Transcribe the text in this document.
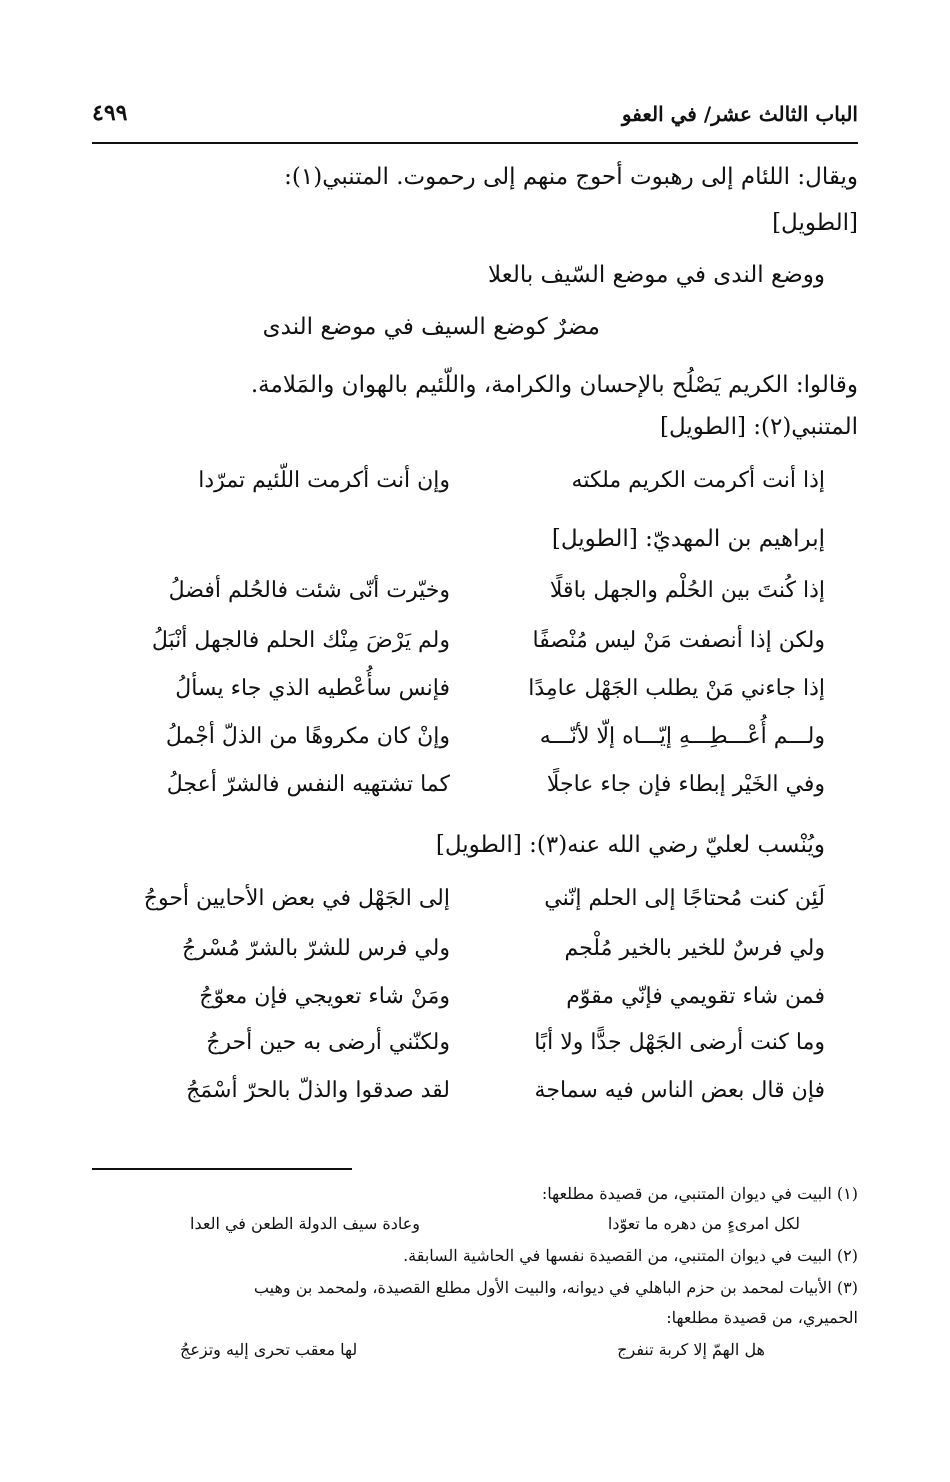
الباب الثالث عشر/ في العفو
٤٩٩
ويقال: اللئام إلى رهبوت أحوج منهم إلى رحموت. المتنبي(١):
[الطويل]
ووضع الندى في موضع السّيف بالعلا
مضرٌ كوضع السيف في موضع الندى
وقالوا: الكريم يَصْلُح بالإحسان والكرامة، واللّئيم بالهوان والمَلامة.
المتنبي(٢): [الطويل]
إذا أنت أكرمت الكريم ملكته
وإن أنت أكرمت اللّئيم تمرّدا
إبراهيم بن المهديّ: [الطويل]
إذا كُنتَ بين الحُلْم والجهل باقلًا
وخيّرت أنّى شئت فالحُلم أفضلُ
ولكن إذا أنصفت مَنْ ليس مُنْصفًا
ولم يَرْضَ مِنْك الحلم فالجهل أنْبَلُ
إذا جاءني مَنْ يطلب الجَهْل عامِدًا
فإنس سأُعْطيه الذي جاء يسألُ
ولـــم أُعْـــطِـــهِ إيّـــاه إلّا لأنّـــه
وإنْ كان مكروهًا من الذلّ أجْملُ
وفي الخَيْر إبطاء فإن جاء عاجلًا
كما تشتهيه النفس فالشرّ أعجلُ
ويُنْسب لعليّ رضي الله عنه(٣): [الطويل]
لَئِن كنت مُحتاجًا إلى الحلم إنّني
إلى الجَهْل في بعض الأحايين أحوجُ
ولي فرسٌ للخير بالخير مُلْجم
ولي فرس للشرّ بالشرّ مُسْرجُ
فمن شاء تقويمي فإنّي مقوّم
ومَنْ شاء تعويجي فإن معوّجُ
وما كنت أرضى الجَهْل جدًّا ولا أبًا
ولكنّني أرضى به حين أحرجُ
فإن قال بعض الناس فيه سماجة
لقد صدقوا والذلّ بالحرّ أسْمَجُ
(١) البيت في ديوان المتنبي، من قصيدة مطلعها:
لكل امرىءٍ من دهره ما تعوّدا
وعادة سيف الدولة الطعن في العدا
(٢) البيت في ديوان المتنبي، من القصيدة نفسها في الحاشية السابقة.
(٣) الأبيات لمحمد بن حزم الباهلي في ديوانه، والبيت الأول مطلع القصيدة، ولمحمد بن وهيب
الحميري، من قصيدة مطلعها:
هل الهمّ إلا كربة تنفرج
لها معقب تحرى إليه وتزعجُ
